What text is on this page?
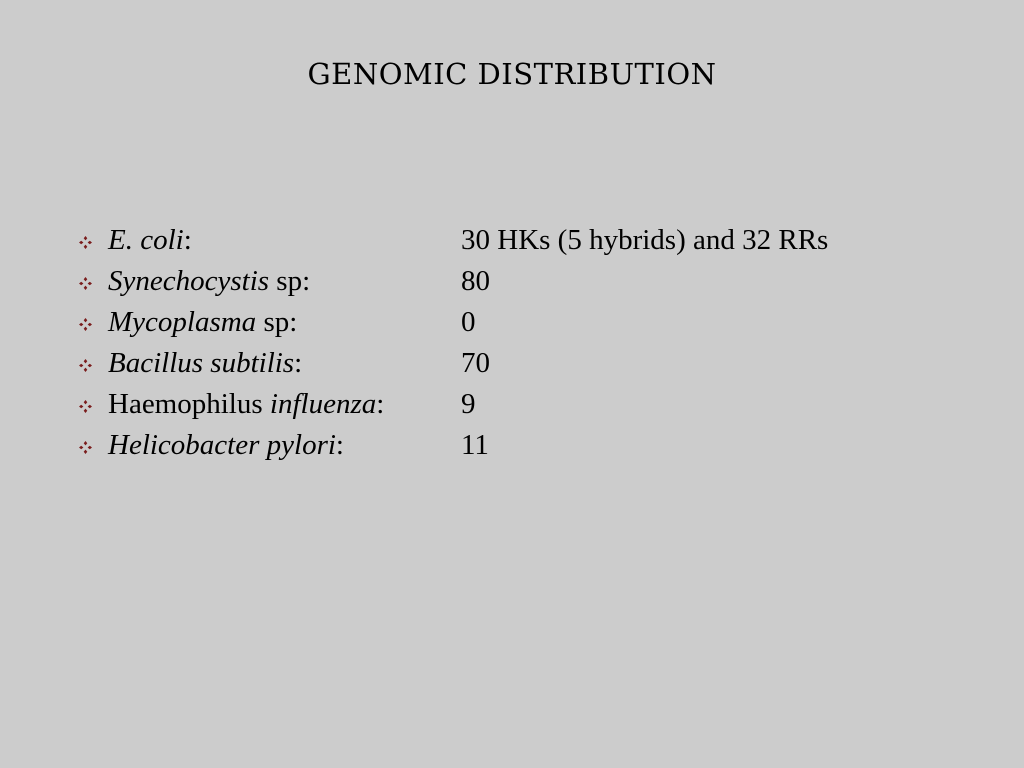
GENOMIC DISTRIBUTION
E. coli:	30 HKs (5 hybrids) and 32 RRs
Synechocystis sp:	80
Mycoplasma sp:	0
Bacillus subtilis:	70
Haemophilus influenza:	9
Helicobacter pylori:	11
